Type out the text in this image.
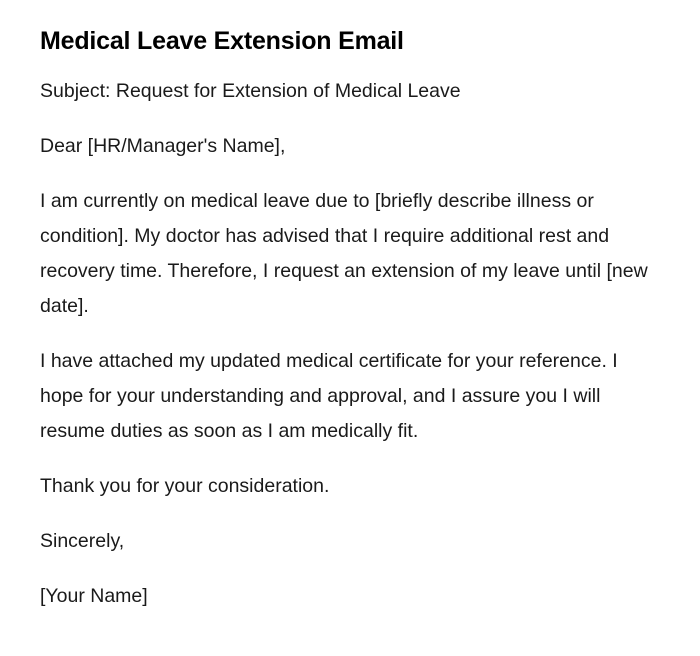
Medical Leave Extension Email

Subject: Request for Extension of Medical Leave

Dear [HR/Manager's Name],

I am currently on medical leave due to [briefly describe illness or condition]. My doctor has advised that I require additional rest and recovery time. Therefore, I request an extension of my leave until [new date].

I have attached my updated medical certificate for your reference. I hope for your understanding and approval, and I assure you I will resume duties as soon as I am medically fit.

Thank you for your consideration.

Sincerely,

[Your Name]
